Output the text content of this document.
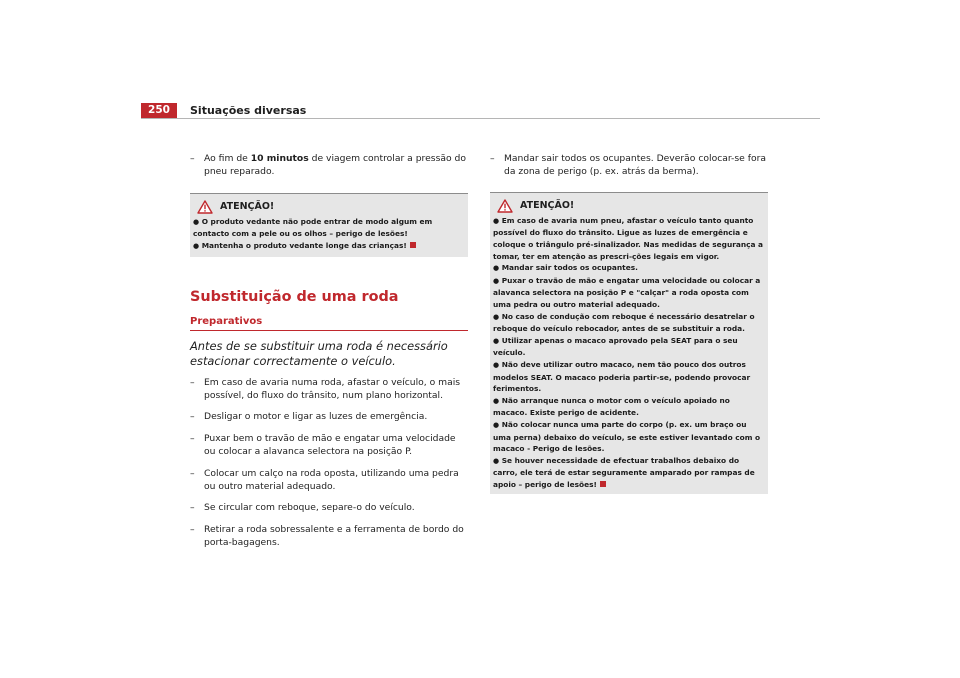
250	Situações diversas
– Ao fim de 10 minutos de viagem controlar a pressão do pneu reparado.
ATENÇÃO!

● O produto vedante não pode entrar de modo algum em contacto com a pele ou os olhos – perigo de lesões!

● Mantenha o produto vedante longe das crianças!

Substituição de uma roda
Preparativos
Antes de se substituir uma roda é necessário estacionar correctamente o veículo.
– Em caso de avaria numa roda, afastar o veículo, o mais possível, do fluxo do trânsito, num plano horizontal.
– Desligar o motor e ligar as luzes de emergência.
– Puxar bem o travão de mão e engatar uma velocidade ou colocar a alavanca selectora na posição P.
– Colocar um calço na roda oposta, utilizando uma pedra ou outro material adequado.
– Se circular com reboque, separe-o do veículo.
– Retirar a roda sobressalente e a ferramenta de bordo do porta-bagagens.
– Mandar sair todos os ocupantes. Deverão colocar-se fora da zona de perigo (p. ex. atrás da berma).
ATENÇÃO!

● Em caso de avaria num pneu, afastar o veículo tanto quanto possível do fluxo do trânsito. Ligue as luzes de emergência e coloque o triângulo pré-sinalizador. Nas medidas de segurança a tomar, ter em atenção as prescri-ções legais em vigor.

● Mandar sair todos os ocupantes.

● Puxar o travão de mão e engatar uma velocidade ou colocar a alavanca selectora na posição P e "calçar" a roda oposta com uma pedra ou outro material adequado.

● No caso de condução com reboque é necessário desatrelar o reboque do veículo rebocador, antes de se substituir a roda.

● Utilizar apenas o macaco aprovado pela SEAT para o seu veículo.

● Não deve utilizar outro macaco, nem tão pouco dos outros modelos SEAT. O macaco poderia partir-se, podendo provocar ferimentos.

● Não arranque nunca o motor com o veículo apoiado no macaco. Existe perigo de acidente.

● Não colocar nunca uma parte do corpo (p. ex. um braço ou uma perna) debaixo do veículo, se este estiver levantado com o macaco - Perigo de lesões.

● Se houver necessidade de efectuar trabalhos debaixo do carro, ele terá de estar seguramente amparado por rampas de apoio – perigo de lesões!
